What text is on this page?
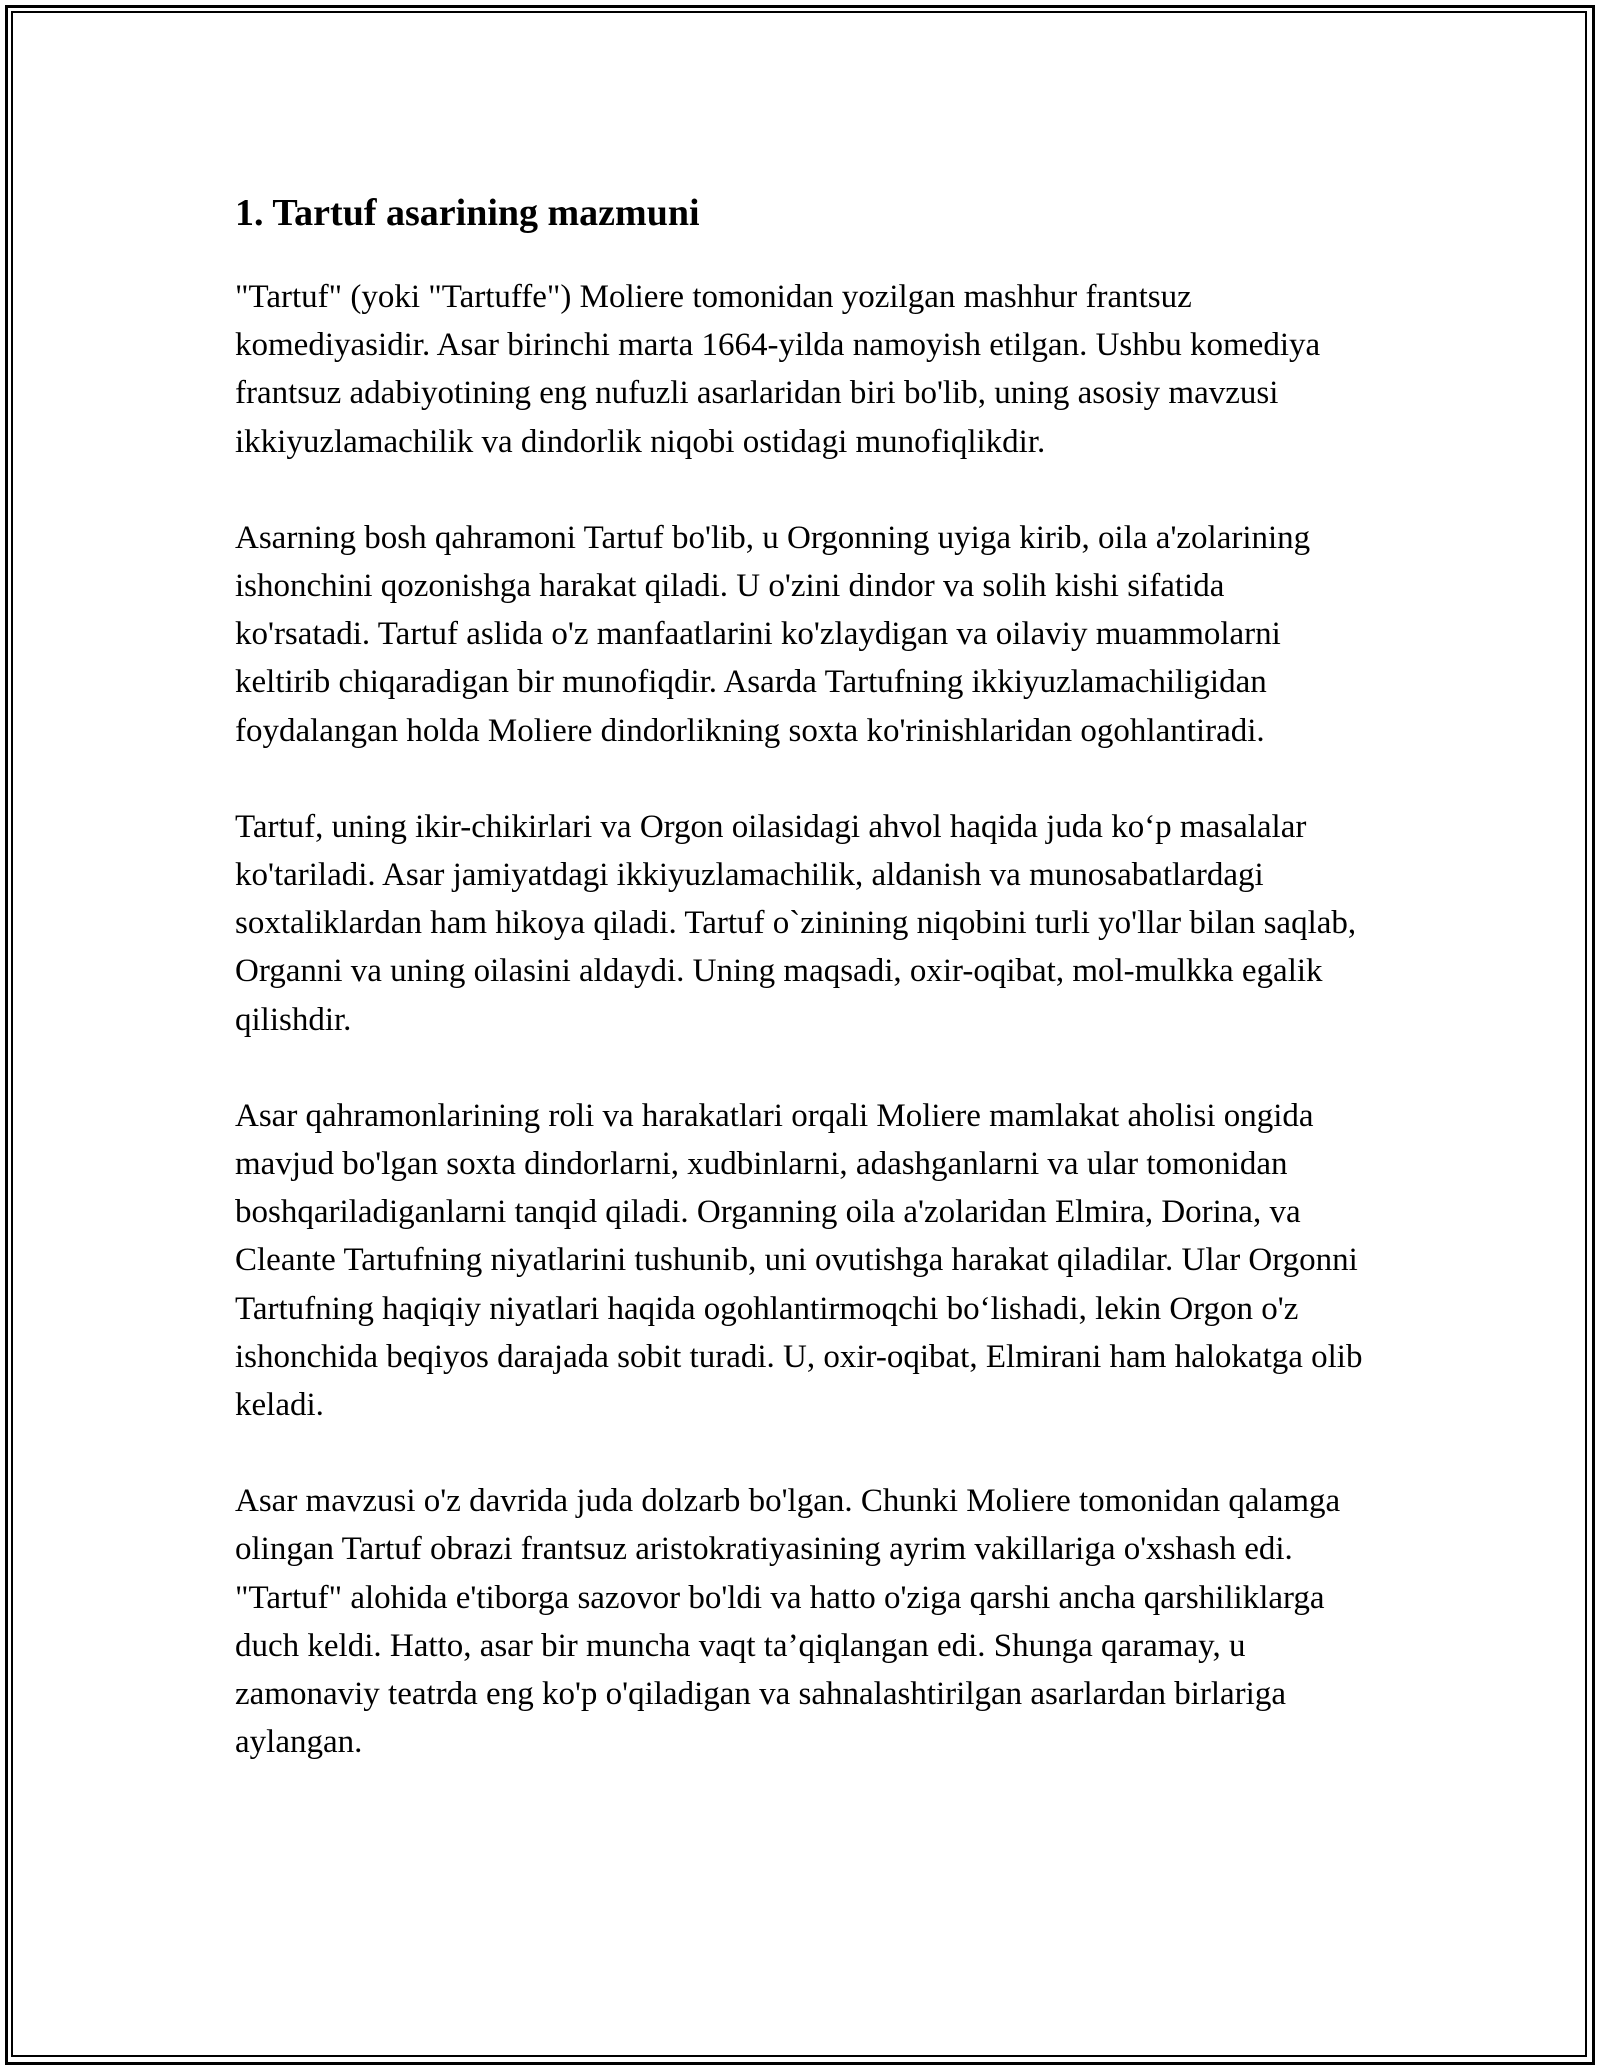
1. Tartuf asarining mazmuni

"Tartuf" (yoki "Tartuffe") Moliere tomonidan yozilgan mashhur frantsuz komediyasidir. Asar birinchi marta 1664-yilda namoyish etilgan. Ushbu komediya frantsuz adabiyotining eng nufuzli asarlaridan biri bo'lib, uning asosiy mavzusi ikkiyuzlamachilik va dindorlik niqobi ostidagi munofiqlikdir.

Asarning bosh qahramoni Tartuf bo'lib, u Orgonning uyiga kirib, oila a'zolarining ishonchini qozonishga harakat qiladi. U o'zini dindor va solih kishi sifatida ko'rsatadi. Tartuf aslida o'z manfaatlarini ko'zlaydigan va oilaviy muammolarni keltirib chiqaradigan bir munofiqdir. Asarda Tartufning ikkiyuzlamachiligidan foydalangan holda Moliere dindorlikning soxta ko'rinishlaridan ogohlantiradi.

Tartuf, uning ikir-chikirlari va Orgon oilasidagi ahvol haqida juda ko‘p masalalar ko'tariladi. Asar jamiyatdagi ikkiyuzlamachilik, aldanish va munosabatlardagi soxtaliklardan ham hikoya qiladi. Tartuf o`zinining niqobini turli yo'llar bilan saqlab, Organni va uning oilasini aldaydi. Uning maqsadi, oxir-oqibat, mol-mulkka egalik qilishdir.

Asar qahramonlarining roli va harakatlari orqali Moliere mamlakat aholisi ongida mavjud bo'lgan soxta dindorlarni, xudbinlarni, adashganlarni va ular tomonidan boshqariladiganlarni tanqid qiladi. Organning oila a'zolaridan Elmira, Dorina, va Cleante Tartufning niyatlarini tushunib, uni ovutishga harakat qiladilar. Ular Orgonni Tartufning haqiqiy niyatlari haqida ogohlantirmoqchi bo‘lishadi, lekin Orgon o'z ishonchida beqiyos darajada sobit turadi. U, oxir-oqibat, Elmirani ham halokatga olib keladi.

Asar mavzusi o'z davrida juda dolzarb bo'lgan. Chunki Moliere tomonidan qalamga olingan Tartuf obrazi frantsuz aristokratiyasining ayrim vakillariga o'xshash edi. "Tartuf" alohida e'tiborga sazovor bo'ldi va hatto o'ziga qarshi ancha qarshiliklarga duch keldi. Hatto, asar bir muncha vaqt ta’qiqlangan edi. Shunga qaramay, u zamonaviy teatrda eng ko'p o'qiladigan va sahnalashtirilgan asarlardan birlariga aylangan.
